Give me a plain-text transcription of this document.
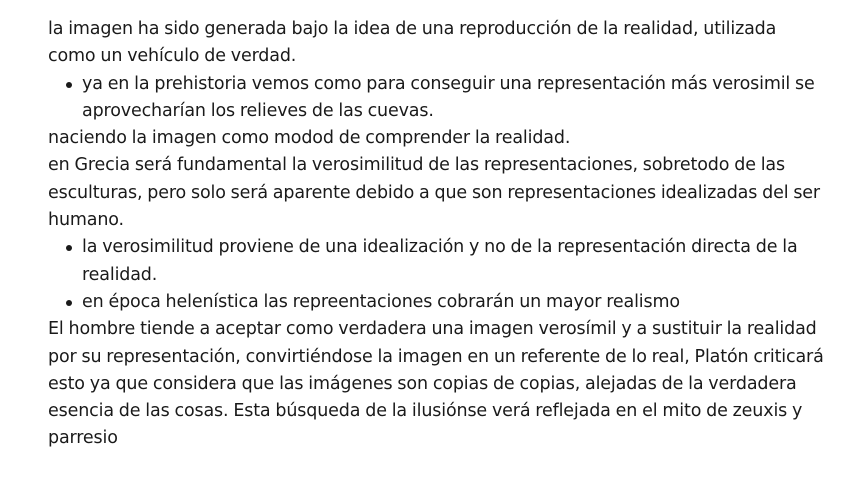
la imagen ha sido generada bajo la idea de una reproducción de la realidad, utilizada como un vehículo de verdad.

ya en la prehistoria vemos como para conseguir una representación más verosimil se aprovecharían los relieves de las cuevas.

naciendo la imagen como modod de comprender la realidad.

en Grecia será fundamental la verosimilitud de las representaciones, sobretodo de las esculturas, pero solo será aparente debido a que son representaciones idealizadas del ser humano.

la verosimilitud proviene de una idealización y no de la representación directa de la realidad.
en época helenística las repreentaciones cobrarán un mayor realismo

El hombre tiende a aceptar como verdadera una imagen verosímil y a sustituir la realidad por su representación, convirtiéndose la imagen en un referente de lo real, Platón criticará esto ya que considera que las imágenes son copias de copias, alejadas de la verdadera esencia de las cosas. Esta búsqueda de la ilusiónse verá reflejada en el mito de zeuxis y parresio
